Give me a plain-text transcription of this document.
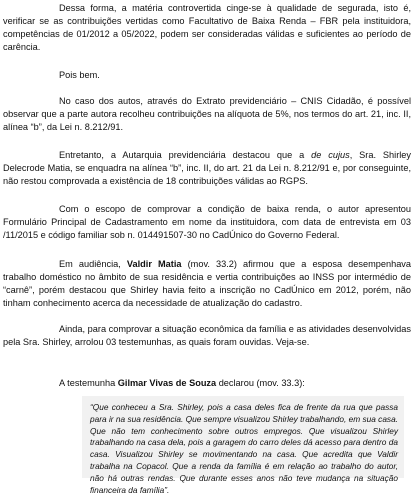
Dessa forma, a matéria controvertida cinge-se à qualidade de segurada, isto é, verificar se as contribuições vertidas como Facultativo de Baixa Renda – FBR pela instituidora, competências de 01/2012 a 05/2022, podem ser consideradas válidas e suficientes ao período de carência.

Pois bem.

No caso dos autos, através do Extrato previdenciário – CNIS Cidadão, é possível observar que a parte autora recolheu contribuições na alíquota de 5%, nos termos do art. 21, inc. II, alínea “b”, da Lei n. 8.212/91.

Entretanto, a Autarquia previdenciária destacou que a de cujus, Sra. Shirley Delecrode Matia, se enquadra na alínea “b”, inc. II, do art. 21 da Lei n. 8.212/91 e, por conseguinte, não restou comprovada a existência de 18 contribuições válidas ao RGPS.

Com o escopo de comprovar a condição de baixa renda, o autor apresentou Formulário Principal de Cadastramento em nome da instituidora, com data de entrevista em 03 /11/2015 e código familiar sob n. 014491507-30 no CadÚnico do Governo Federal.

Em audiência, Valdir Matia (mov. 33.2) afirmou que a esposa desempenhava trabalho doméstico no âmbito de sua residência e vertia contribuições ao INSS por intermédio de “carnê”, porém destacou que Shirley havia feito a inscrição no CadÚnico em 2012, porém, não tinham conhecimento acerca da necessidade de atualização do cadastro.

Ainda, para comprovar a situação econômica da família e as atividades desenvolvidas pela Sra. Shirley, arrolou 03 testemunhas, as quais foram ouvidas. Veja-se.

A testemunha Gilmar Vivas de Souza declarou (mov. 33.3):

“Que conheceu a Sra. Shirley, pois a casa deles fica de frente da rua que passa para ir na sua residência. Que sempre visualizou Shirley trabalhando, em sua casa. Que não tem conhecimento sobre outros empregos. Que visualizou Shirley trabalhando na casa dela, pois a garagem do carro deles dá acesso para dentro da casa. Visualizou Shirley se movimentando na casa. Que acredita que Valdir trabalha na Copacol. Que a renda da família é em relação ao trabalho do autor, não há outras rendas. Que durante esses anos não teve mudança na situação financeira da família”.
